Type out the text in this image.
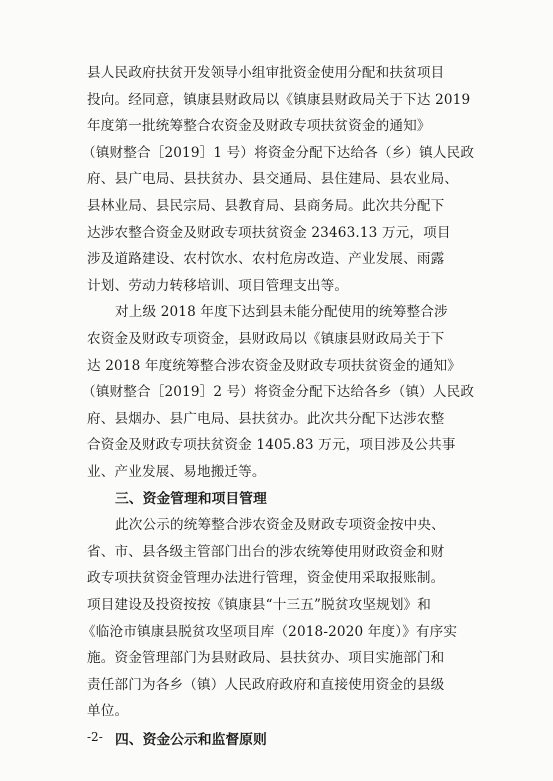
县人民政府扶贫开发领导小组审批资金使用分配和扶贫项目
投向。经同意，镇康县财政局以《镇康县财政局关于下达 2019
年度第一批统筹整合农资金及财政专项扶贫资金的通知》
（镇财整合［2019］1 号）将资金分配下达给各（乡）镇人民政
府、县广电局、县扶贫办、县交通局、县住建局、县农业局、
县林业局、县民宗局、县教育局、县商务局。此次共分配下
达涉农整合资金及财政专项扶贫资金 23463.13 万元，项目
涉及道路建设、农村饮水、农村危房改造、产业发展、雨露
计划、劳动力转移培训、项目管理支出等。
对上级 2018 年度下达到县未能分配使用的统筹整合涉
农资金及财政专项资金，县财政局以《镇康县财政局关于下
达 2018 年度统筹整合涉农资金及财政专项扶贫资金的通知》
（镇财整合［2019］2 号）将资金分配下达给各乡（镇）人民政
府、县烟办、县广电局、县扶贫办。此次共分配下达涉农整
合资金及财政专项扶贫资金 1405.83 万元，项目涉及公共事
业、产业发展、易地搬迁等。
三、资金管理和项目管理
此次公示的统筹整合涉农资金及财政专项资金按中央、
省、市、县各级主管部门出台的涉农统筹使用财政资金和财
政专项扶贫资金管理办法进行管理，资金使用采取报账制。
项目建设及投资按按《镇康县“十三五”脱贫攻坚规划》和
《临沧市镇康县脱贫攻坚项目库（2018-2020 年度）》有序实
施。资金管理部门为县财政局、县扶贫办、项目实施部门和
责任部门为各乡（镇）人民政府政府和直接使用资金的县级
单位。
-2- 四、资金公示和监督原则
